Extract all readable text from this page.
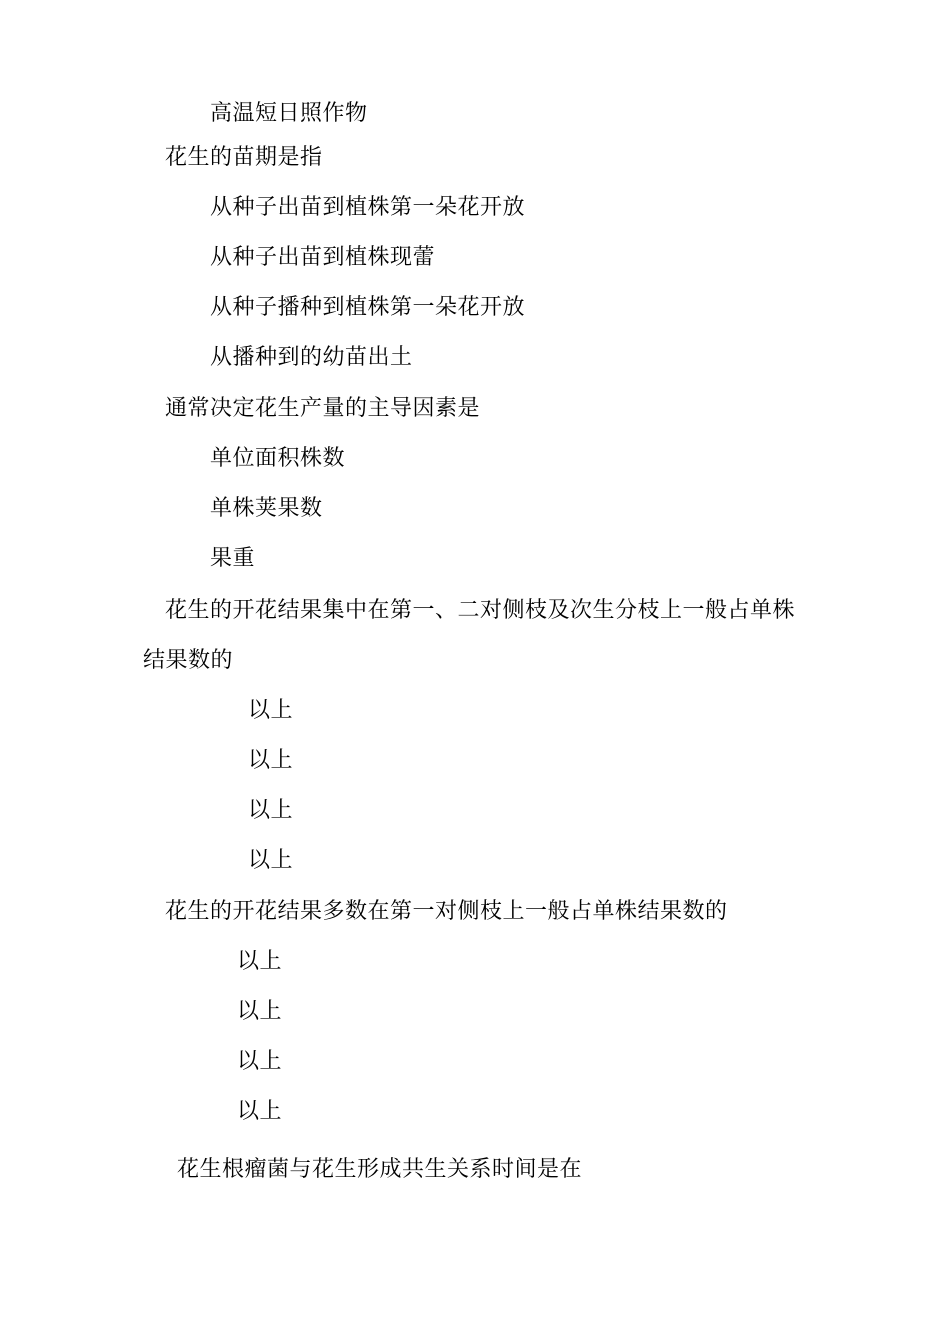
高温短日照作物
花生的苗期是指
从种子出苗到植株第一朵花开放
从种子出苗到植株现蕾
从种子播种到植株第一朵花开放
从播种到的幼苗出土
通常决定花生产量的主导因素是
单位面积株数
单株荚果数
果重
花生的开花结果集中在第一、二对侧枝及次生分枝上一般占单株
结果数的
以上
以上
以上
以上
花生的开花结果多数在第一对侧枝上一般占单株结果数的
以上
以上
以上
以上
花生根瘤菌与花生形成共生关系时间是在
